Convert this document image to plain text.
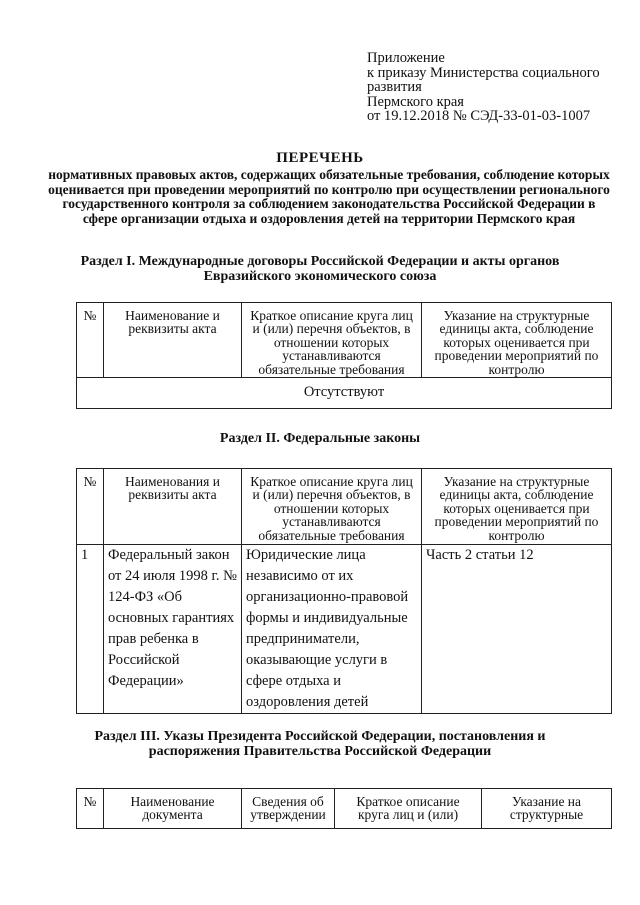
Приложение
к приказу Министерства социального
развития
Пермского края
от 19.12.2018 № СЭД-33-01-03-1007
ПЕРЕЧЕНЬ
нормативных правовых актов, содержащих обязательные требования, соблюдение которых оценивается при проведении мероприятий по контролю при осуществлении регионального государственного контроля за соблюдением законодательства Российской Федерации в сфере организации отдыха и оздоровления детей на территории Пермского края
Раздел I. Международные договоры Российской Федерации и акты органов Евразийского экономического союза
№	Наименование и реквизиты акта	Краткое описание круга лиц и (или) перечня объектов, в отношении которых устанавливаются обязательные требования	Указание на структурные единицы акта, соблюдение которых оценивается при проведении мероприятий по контролю
Отсутствуют
Раздел II. Федеральные законы
№	Наименования и реквизиты акта	Краткое описание круга лиц и (или) перечня объектов, в отношении которых устанавливаются обязательные требования	Указание на структурные единицы акта, соблюдение которых оценивается при проведении мероприятий по контролю
1	Федеральный закон от 24 июля 1998 г. № 124-ФЗ «Об основных гарантиях прав ребенка в Российской Федерации»	Юридические лица независимо от их организационно-правовой формы и индивидуальные предприниматели, оказывающие услуги в сфере отдыха и оздоровления детей	Часть 2 статьи 12
Раздел III. Указы Президента Российской Федерации, постановления и распоряжения Правительства Российской Федерации
№	Наименование документа	Сведения об утверждении	Краткое описание круга лиц и (или)	Указание на структурные
